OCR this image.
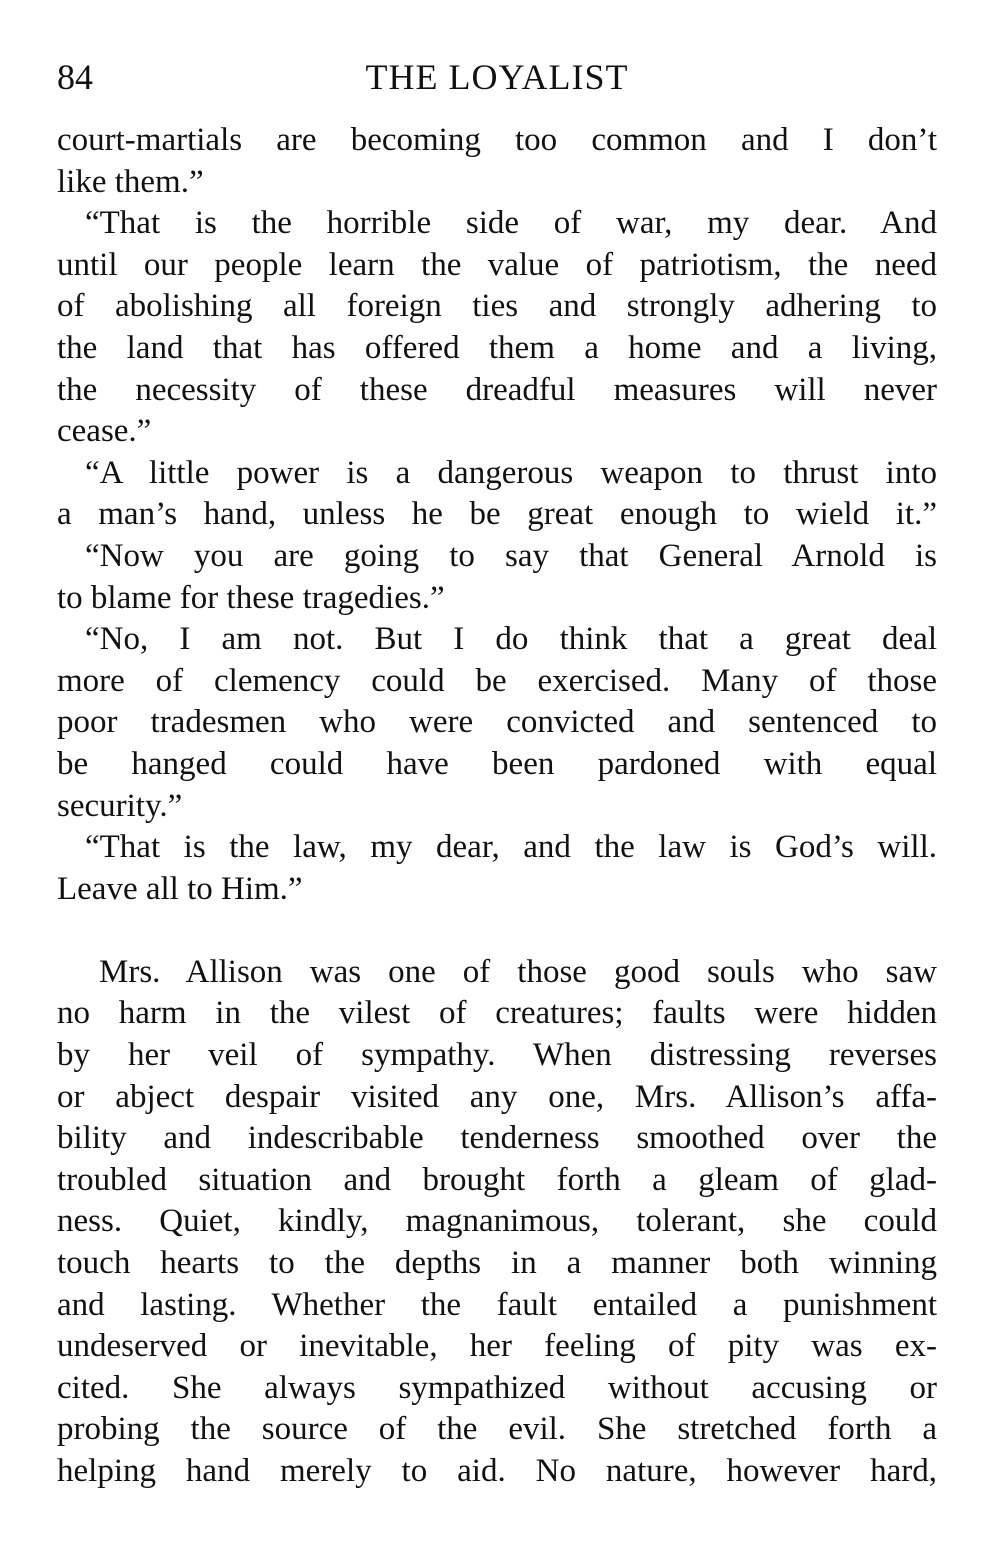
84	THE LOYALIST
court-martials are becoming too common and I don’t
like them.”
“That is the horrible side of war, my dear. And
until our people learn the value of patriotism, the need
of abolishing all foreign ties and strongly adhering to
the land that has offered them a home and a living,
the necessity of these dreadful measures will never
cease.”
“A little power is a dangerous weapon to thrust into
a man’s hand, unless he be great enough to wield it.”
“Now you are going to say that General Arnold is
to blame for these tragedies.”
“No, I am not. But I do think that a great deal
more of clemency could be exercised. Many of those
poor tradesmen who were convicted and sentenced to
be hanged could have been pardoned with equal
security.”
“That is the law, my dear, and the law is God’s will.
Leave all to Him.”
Mrs. Allison was one of those good souls who saw
no harm in the vilest of creatures; faults were hidden
by her veil of sympathy. When distressing reverses
or abject despair visited any one, Mrs. Allison’s affa-
bility and indescribable tenderness smoothed over the
troubled situation and brought forth a gleam of glad-
ness. Quiet, kindly, magnanimous, tolerant, she could
touch hearts to the depths in a manner both winning
and lasting. Whether the fault entailed a punishment
undeserved or inevitable, her feeling of pity was ex-
cited. She always sympathized without accusing or
probing the source of the evil. She stretched forth a
helping hand merely to aid. No nature, however hard,
